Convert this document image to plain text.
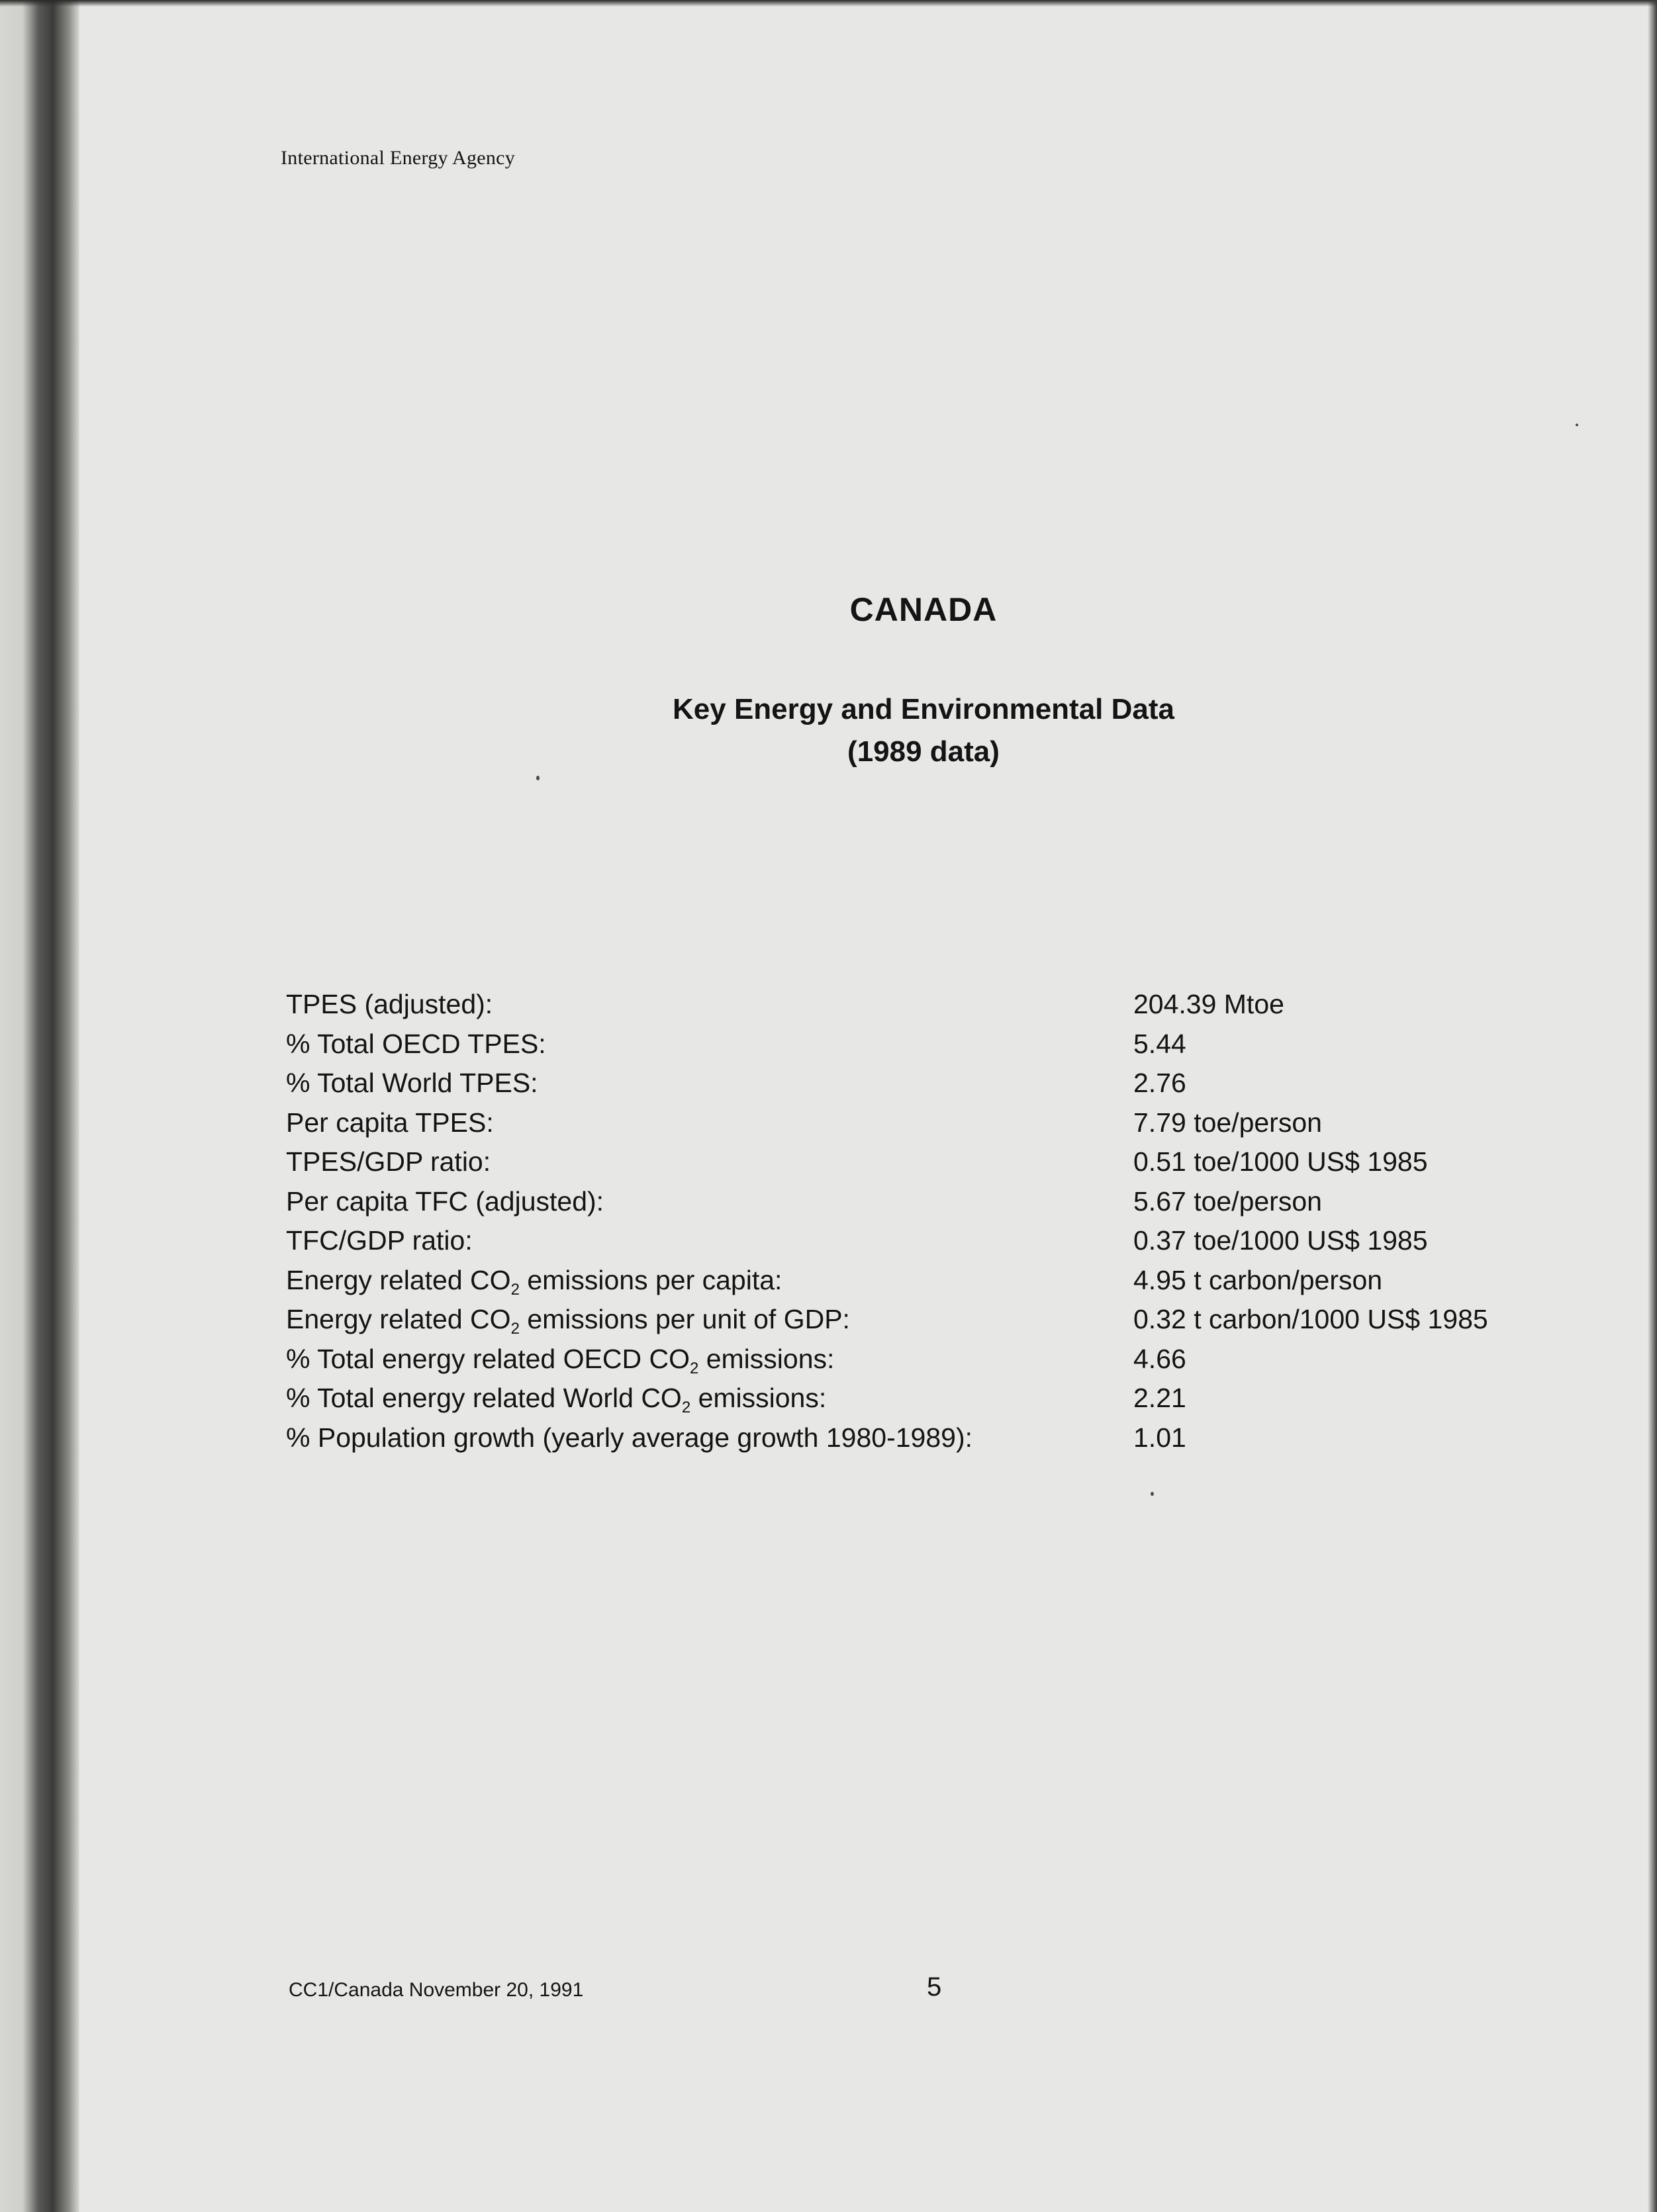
International Energy Agency
CANADA
Key Energy and Environmental Data
(1989 data)
TPES (adjusted):	204.39 Mtoe
% Total OECD TPES:	5.44
% Total World TPES:	2.76
Per capita TPES:	7.79 toe/person
TPES/GDP ratio:	0.51 toe/1000 US$ 1985
Per capita TFC (adjusted):	5.67 toe/person
TFC/GDP ratio:	0.37 toe/1000 US$ 1985
Energy related $CO_2$ emissions per capita:	4.95 t carbon/person
Energy related $CO_2$ emissions per unit of GDP:	0.32 t carbon/1000 US$ 1985
% Total energy related OECD $CO_2$ emissions:	4.66
% Total energy related World $CO_2$ emissions:	2.21
% Population growth (yearly average growth 1980-1989):	1.01
CC1/Canada November 20, 1991	5
